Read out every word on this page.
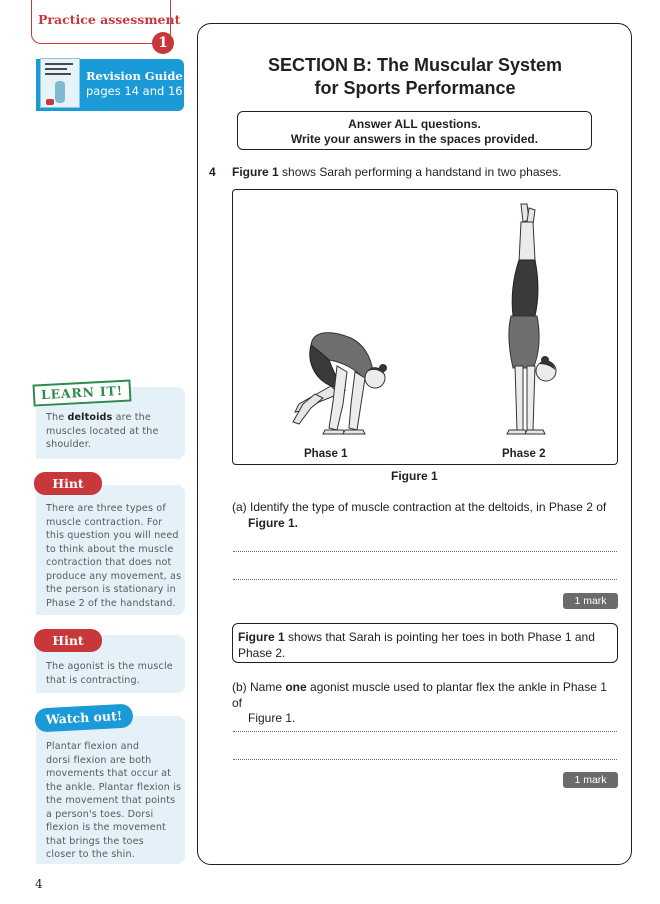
Practice assessment
1
Revision Guide
pages 14 and 16
LEARN IT!
The deltoids are the
muscles located at the
shoulder.
Hint
There are three types of
muscle contraction. For
this question you will need
to think about the muscle
contraction that does not
produce any movement, as
the person is stationary in
Phase 2 of the handstand.
Hint
The agonist is the muscle
that is contracting.
Watch out!
Plantar flexion and
dorsi flexion are both
movements that occur at
the ankle. Plantar flexion is
the movement that points
a person's toes. Dorsi
flexion is the movement
that brings the toes
closer to the shin.
4
SECTION B: The Muscular System
for Sports Performance
Answer ALL questions.
Write your answers in the spaces provided.
4 Figure 1 shows Sarah performing a handstand in two phases.
Phase 1	Phase 2
Figure 1
(a) Identify the type of muscle contraction at the deltoids, in Phase 2 of
Figure 1.
1 mark
Figure 1 shows that Sarah is pointing her toes in both Phase 1 and
Phase 2.
(b) Name one agonist muscle used to plantar flex the ankle in Phase 1 of
Figure 1.
1 mark
